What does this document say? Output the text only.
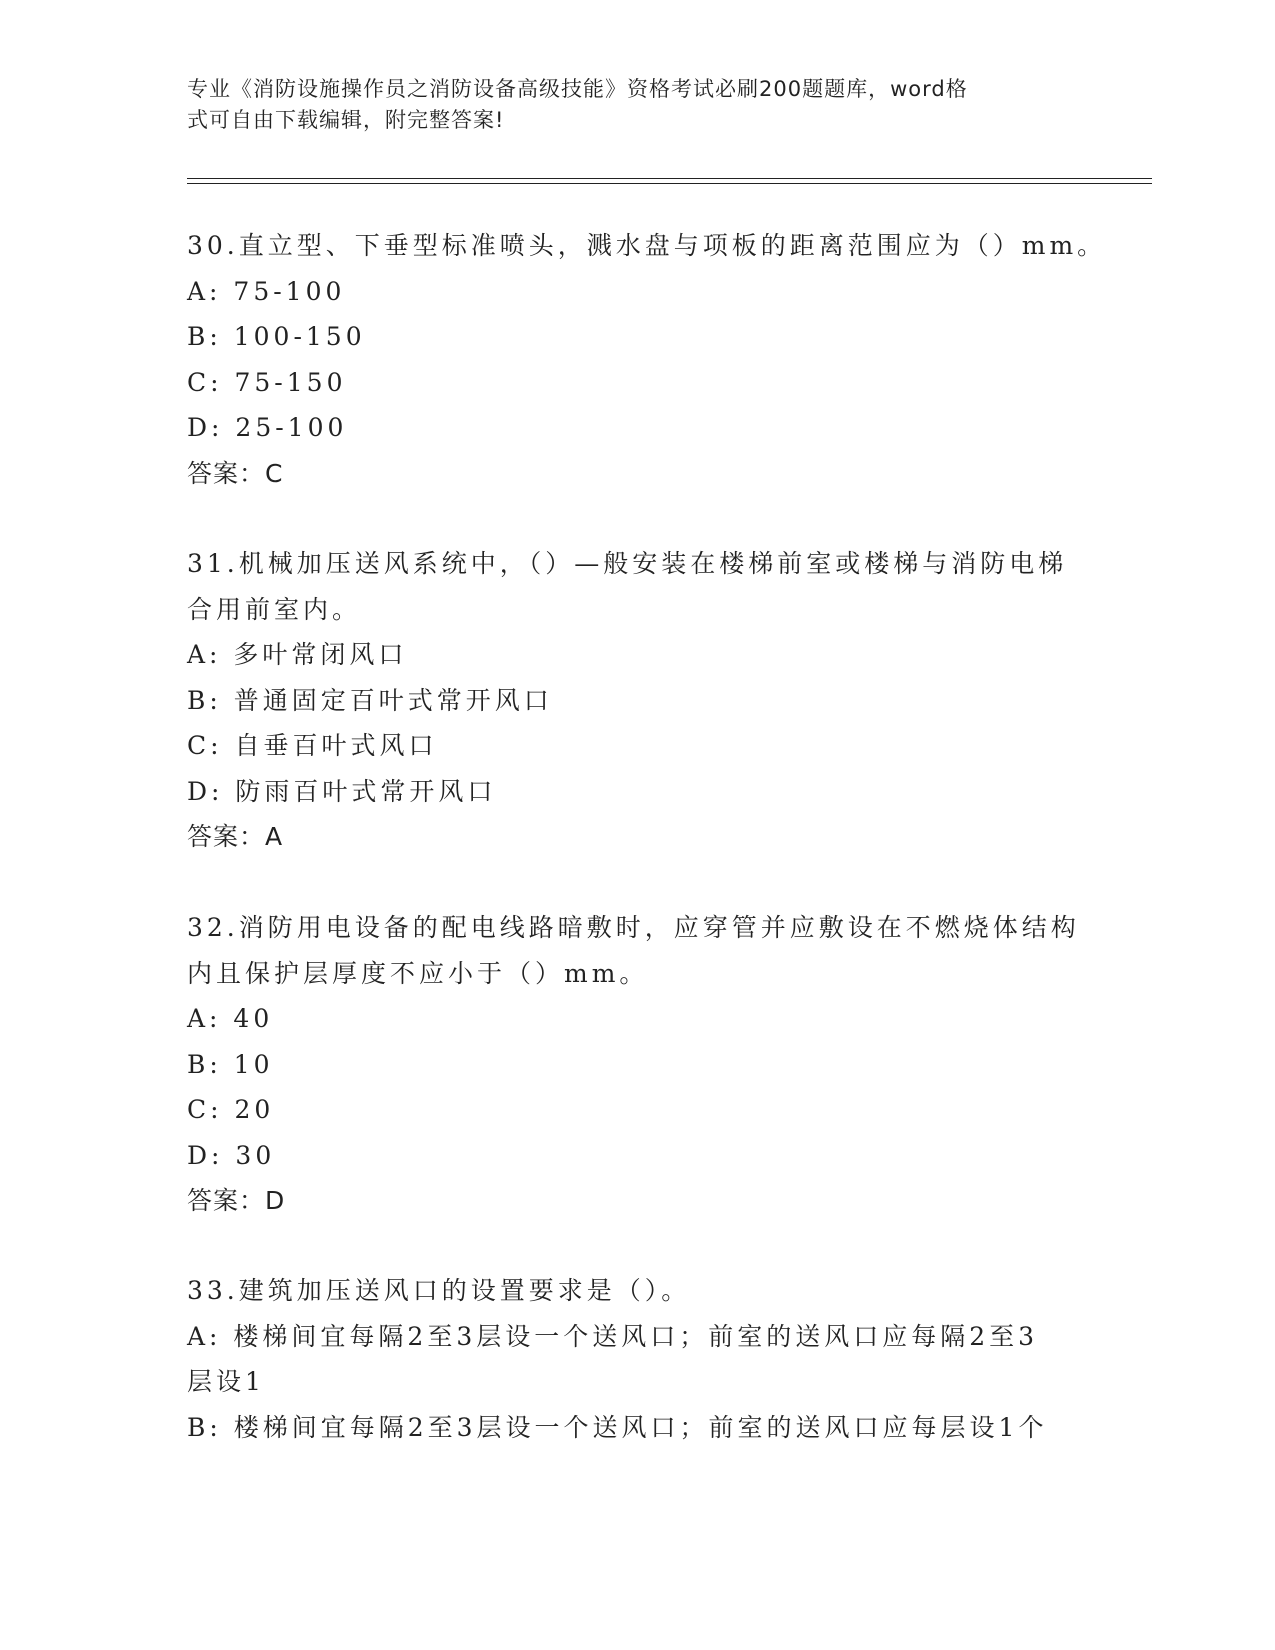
专业《消防设施操作员之消防设备高级技能》资格考试必刷200题题库，word格
式可自由下载编辑，附完整答案!
30.直立型、下垂型标准喷头，溅水盘与项板的距离范围应为（）mm。
A: 75-100
B: 100-150
C: 75-150
D: 25-100
答案：C
31.机械加压送风系统中，（）—般安装在楼梯前室或楼梯与消防电梯
合用前室内。
A: 多叶常闭风口
B: 普通固定百叶式常开风口
C: 自垂百叶式风口
D: 防雨百叶式常开风口
答案：A
32.消防用电设备的配电线路暗敷时，应穿管并应敷设在不燃烧体结构
内且保护层厚度不应小于（）mm。
A: 40
B: 10
C: 20
D: 30
答案：D
33.建筑加压送风口的设置要求是（）。
A: 楼梯间宜每隔2至3层设一个送风口；前室的送风口应每隔2至3
层设1
B: 楼梯间宜每隔2至3层设一个送风口；前室的送风口应每层设1个
